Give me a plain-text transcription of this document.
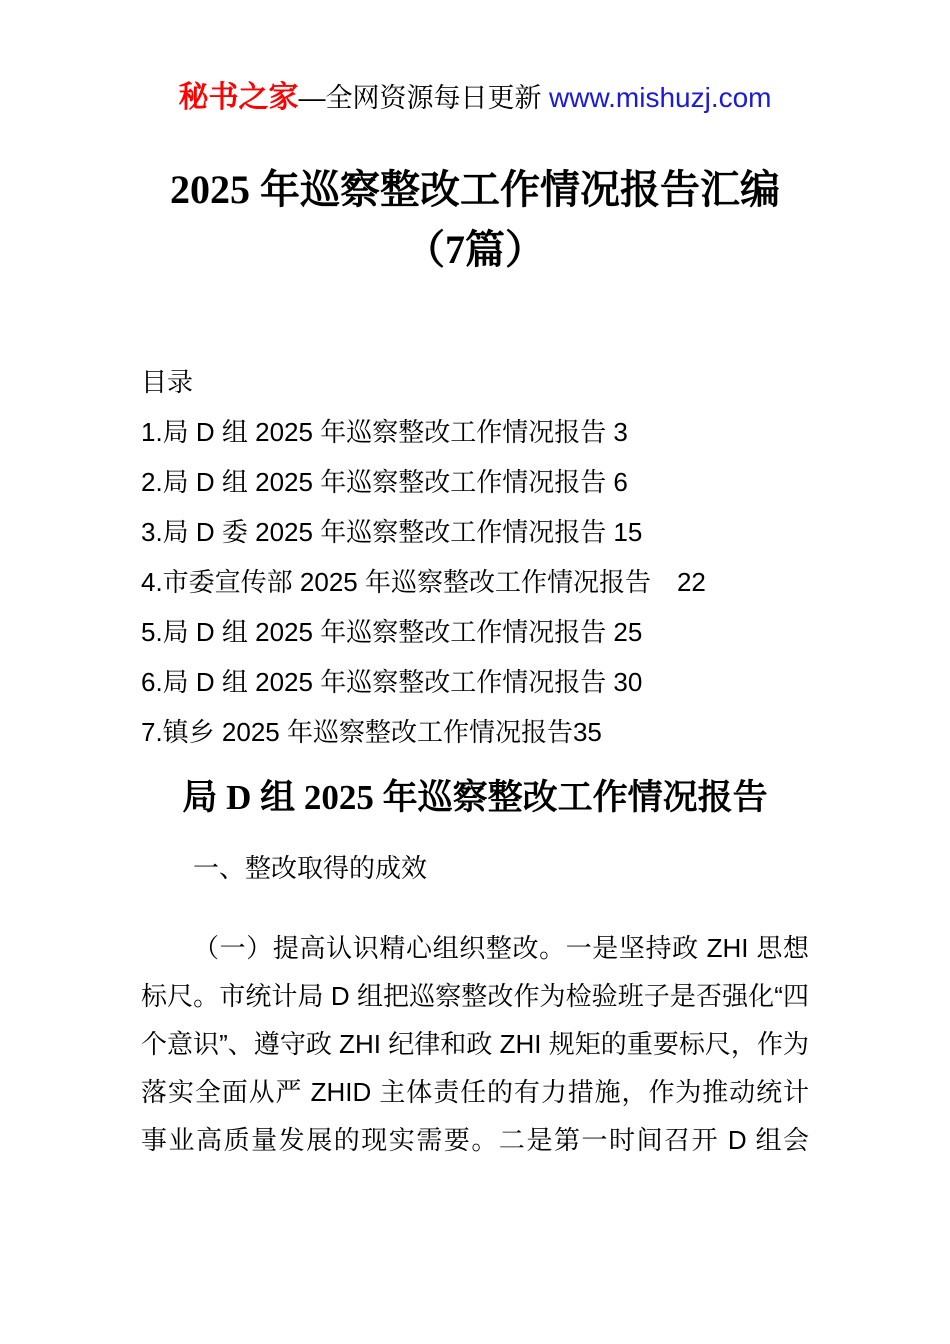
秘书之家—全网资源每日更新 www.mishuzj.com
2025 年巡察整改工作情况报告汇编（7篇）
目录
1.局 D 组 2025 年巡察整改工作情况报告 3
2.局 D 组 2025 年巡察整改工作情况报告 6
3.局 D 委 2025 年巡察整改工作情况报告 15
4.市委宣传部 2025 年巡察整改工作情况报告　22
5.局 D 组 2025 年巡察整改工作情况报告 25
6.局 D 组 2025 年巡察整改工作情况报告 30
7.镇乡 2025 年巡察整改工作情况报告35
局 D 组 2025 年巡察整改工作情况报告

一、整改取得的成效

（一）提高认识精心组织整改。一是坚持政 ZHI 思想标尺。市统计局 D 组把巡察整改作为检验班子是否强化“四个意识”、遵守政 ZHI 纪律和政 ZHI 规矩的重要标尺，作为落实全面从严 ZHID 主体责任的有力措施，作为推动统计事业高质量发展的现实需要。二是第一时间召开 D 组会
